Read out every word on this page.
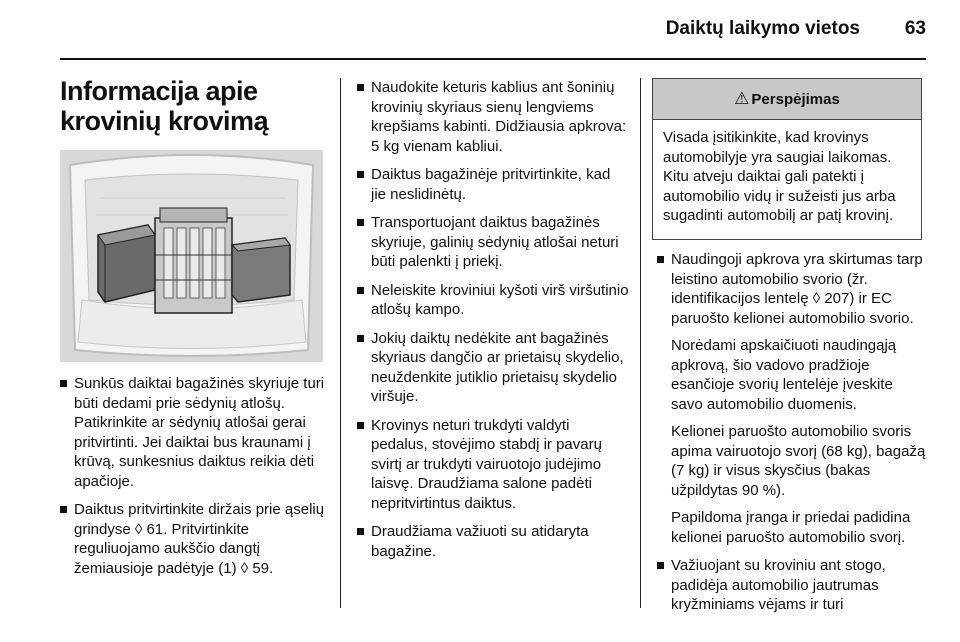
Daiktų laikymo vietos	63
Informacija apie krovinių krovimą
Sunkūs daiktai bagažinės skyriuje turi būti dedami prie sėdynių atlošų. Patikrinkite ar sėdynių atlošai gerai pritvirtinti. Jei daiktai bus kraunami į krūvą, sunkesnius daiktus reikia dėti apačioje.
Daiktus pritvirtinkite diržais prie ąselių grindyse ◊ 61. Pritvirtinkite reguliuojamo aukščio dangtį žemiausioje padėtyje (1) ◊ 59.
Naudokite keturis kablius ant šoninių krovinių skyriaus sienų lengviems krepšiams kabinti. Didžiausia apkrova: 5 kg vienam kabliui.
Daiktus bagažinėje pritvirtinkite, kad jie neslidinėtų.
Transportuojant daiktus bagažinės skyriuje, galinių sėdynių atlošai neturi būti palenkti į priekį.
Neleiskite kroviniui kyšoti virš viršutinio atlošų kampo.
Jokių daiktų nedėkite ant bagažinės skyriaus dangčio ar prietaisų skydelio, neuždenkite jutiklio prietaisų skydelio viršuje.
Krovinys neturi trukdyti valdyti pedalus, stovėjimo stabdį ir pavarų svirtį ar trukdyti vairuotojo judėjimo laisvę. Draudžiama salone padėti nepritvirtintus daiktus.
Draudžiama važiuoti su atidaryta bagažine.
⚠ Perspėjimas

Visada įsitikinkite, kad krovinys automobilyje yra saugiai laikomas. Kitu atveju daiktai gali patekti į automobilio vidų ir sužeisti jus arba sugadinti automobilį ar patį krovinį.

Naudingoji apkrova yra skirtumas tarp leistino automobilio svorio (žr. identifikacijos lentelę ◊ 207) ir EC paruošto kelionei automobilio svorio.

Norėdami apskaičiuoti naudingąją apkrovą, šio vadovo pradžioje esančioje svorių lentelėje įveskite savo automobilio duomenis.

Kelionei paruošto automobilio svoris apima vairuotojo svorį (68 kg), bagažą (7 kg) ir visus skysčius (bakas užpildytas 90 %).

Papildoma įranga ir priedai padidina kelionei paruošto automobilio svorį.

Važiuojant su kroviniu ant stogo, padidėja automobilio jautrumas kryžminiams vėjams ir turi
